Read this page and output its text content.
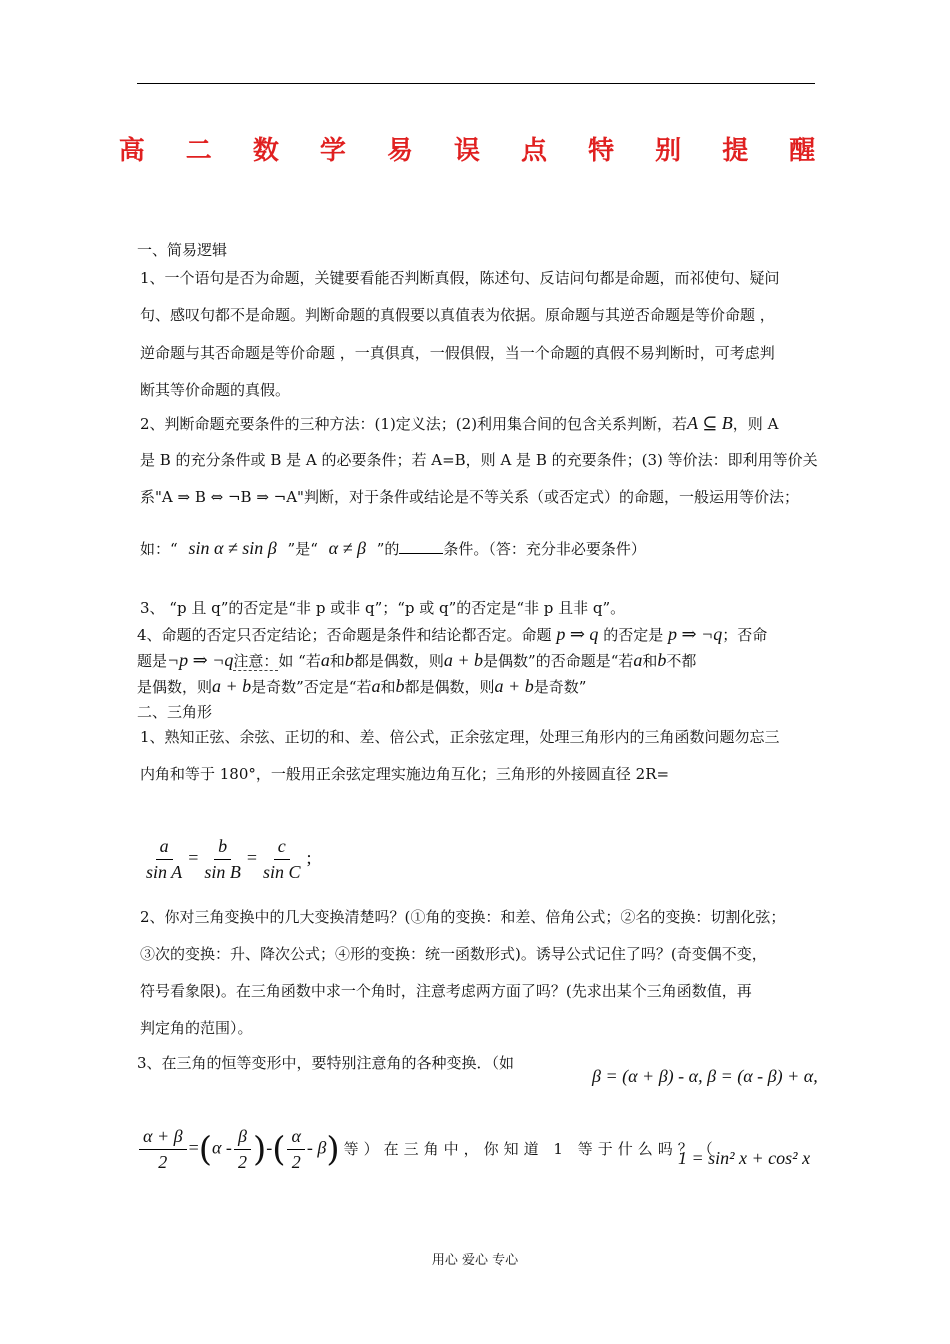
高 二 数 学 易 误 点 特 别 提 醒
一、简易逻辑
1、一个语句是否为命题，关键要看能否判断真假，陈述句、反诘问句都是命题，而祁使句、疑问
句、感叹句都不是命题。判断命题的真假要以真值表为依据。原命题与其逆否命题是等价命题 ，
逆命题与其否命题是等价命题 ，一真俱真，一假俱假，当一个命题的真假不易判断时，可考虑判
断其等价命题的真假。
2、判断命题充要条件的三种方法：(1)定义法；(2)利用集合间的包含关系判断，若A ⊆ B，则 A
是 B 的充分条件或 B 是 A 的必要条件；若 A=B，则 A 是 B 的充要条件；(3) 等价法：即利用等价关
系"A ⇒ B ⇔ ¬B ⇒ ¬A"判断，对于条件或结论是不等关系（或否定式）的命题，一般运用等价法；
如：“ sin α ≠ sin β ”是“ α ≠ β ”的	条件。（答：充分非必要条件）
3、 “p 且 q”的否定是“非 p 或非 q”；“p 或 q”的否定是“非 p 且非 q”。
4、命题的否定只否定结论；否命题是条件和结论都否定。命题 p ⇒ q 的否定是 p ⇒ ¬q；否命
题是¬p ⇒ ¬q注意：如 “若a和b都是偶数，则a + b是偶数”的否命题是“若a和b不都
是偶数，则a + b是奇数”否定是“若a和b都是偶数，则a + b是奇数”
二、三角形
1、熟知正弦、余弦、正切的和、差、倍公式，正余弦定理，处理三角形内的三角函数问题勿忘三
内角和等于 180°，一般用正余弦定理实施边角互化；三角形的外接圆直径 2R=
$\frac{a}{\text{sin A}} = \frac{b}{\text{sin B}} = \frac{c}{\text{sin C}}$ ;
2、你对三角变换中的几大变换清楚吗？(①角的变换：和差、倍角公式；②名的变换：切割化弦；
③次的变换：升、降次公式；④形的变换：统一函数形式)。诱导公式记住了吗？(奇变偶不变，
符号看象限)。在三角函数中求一个角时，注意考虑两方面了吗？(先求出某个三角函数值，再
判定角的范围）。
3、在三角的恒等变形中，要特别注意角的各种变换．（如
β = (α + β) - α, β = (α - β) + α,
$\frac{\alpha + \beta}{2} =(\alpha - \frac{\beta}{2}$ )-( $\frac{\alpha}{2} - \beta$) 等）在三角中，你知道 1 等于什么吗？（
1 = sin² x + cos² x
用心 爱心 专心
